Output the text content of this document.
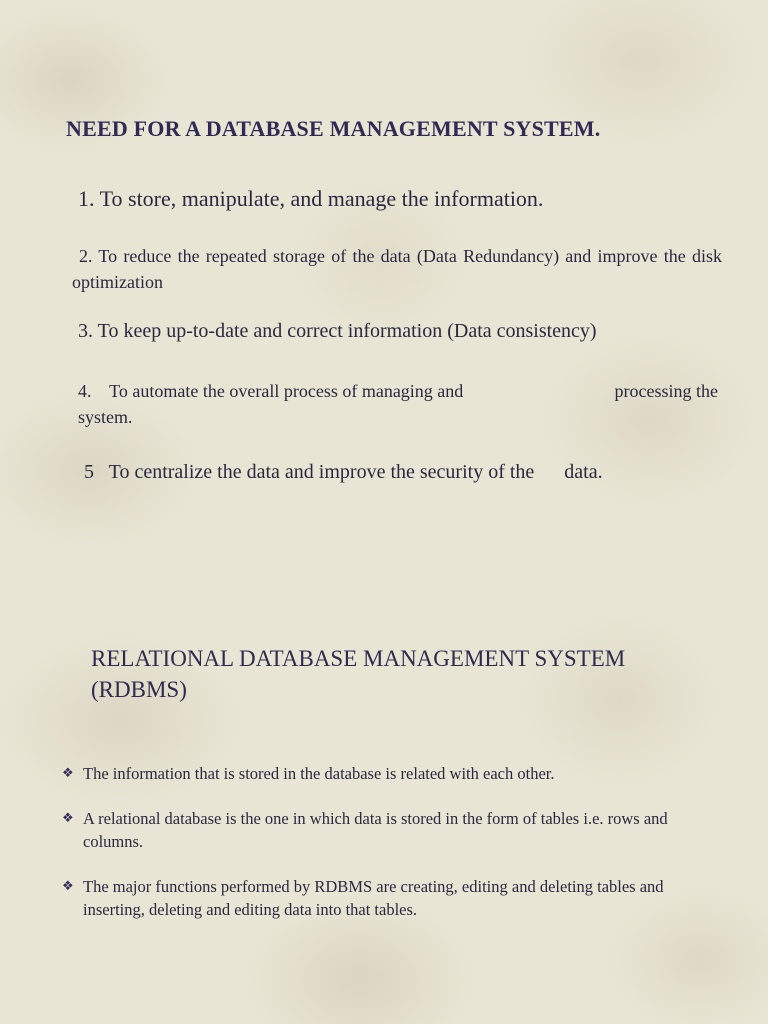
NEED FOR A DATABASE MANAGEMENT SYSTEM.
1. To store, manipulate, and manage the information.
2. To reduce the repeated storage of the data (Data Redundancy) and improve the disk optimization
3. To keep up-to-date and correct information (Data consistency)
4.    To automate the overall process of managing and	processing the
system.
5   To centralize the data and improve the security of the      data.
RELATIONAL DATABASE MANAGEMENT SYSTEM (RDBMS)
❖ The information that is stored in the database is related with each other.
❖ A relational database is the one in which data is stored in the form of tables i.e. rows and columns.
❖ The major functions performed by RDBMS are creating, editing and deleting tables and inserting, deleting and editing data into that tables.
